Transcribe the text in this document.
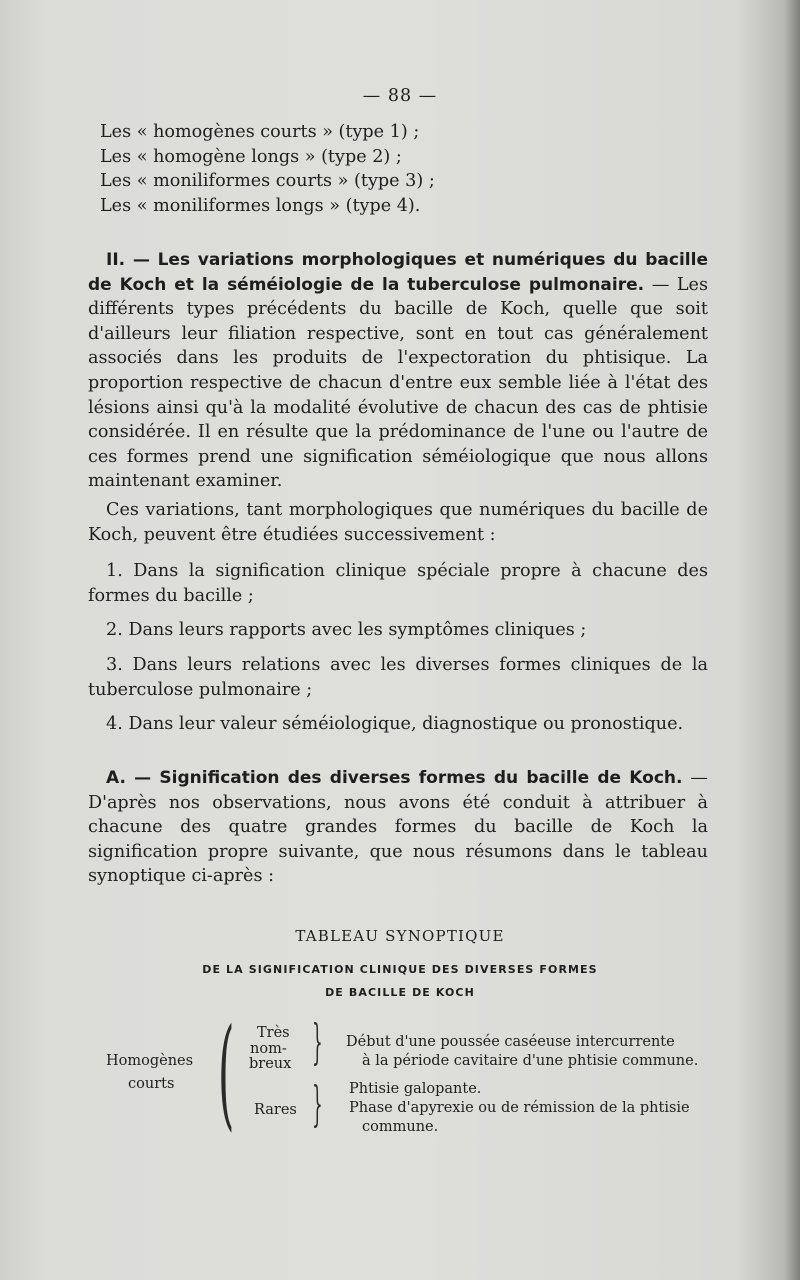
— 88 —

Les « homogènes courts » (type 1) ;

Les « homogène longs » (type 2) ;

Les « moniliformes courts » (type 3) ;

Les « moniliformes longs » (type 4).

II. — Les variations morphologiques et numériques du bacille de Koch et la séméiologie de la tuberculose pulmonaire. — Les différents types précédents du bacille de Koch, quelle que soit d'ailleurs leur filiation respective, sont en tout cas généralement associés dans les produits de l'expectoration du phtisique. La proportion respective de chacun d'entre eux semble liée à l'état des lésions ainsi qu'à la modalité évolutive de chacun des cas de phtisie considérée. Il en résulte que la prédominance de l'une ou l'autre de ces formes prend une signification séméiologique que nous allons maintenant examiner.

Ces variations, tant morphologiques que numériques du bacille de Koch, peuvent être étudiées successivement :

1. Dans la signification clinique spéciale propre à chacune des formes du bacille ;

2. Dans leurs rapports avec les symptômes cliniques ;

3. Dans leurs relations avec les diverses formes cliniques de la tuberculose pulmonaire ;

4. Dans leur valeur séméiologique, diagnostique ou pronostique.

A. — Signification des diverses formes du bacille de Koch. — D'après nos observations, nous avons été conduit à attribuer à chacune des quatre grandes formes du bacille de Koch la signification propre suivante, que nous résumons dans le tableau synoptique ci-après :

TABLEAU SYNOPTIQUE
DE LA SIGNIFICATION CLINIQUE DES DIVERSES FORMES
DE BACILLE DE KOCH
Homogènes
courts ( Très
nom-
breux } Début d'une poussée caséeuse intercurrente
à la période cavitaire d'une phtisie commune.
Rares } Phtisie galopante.
Phase d'apyrexie ou de rémission de la phtisie
commune.
